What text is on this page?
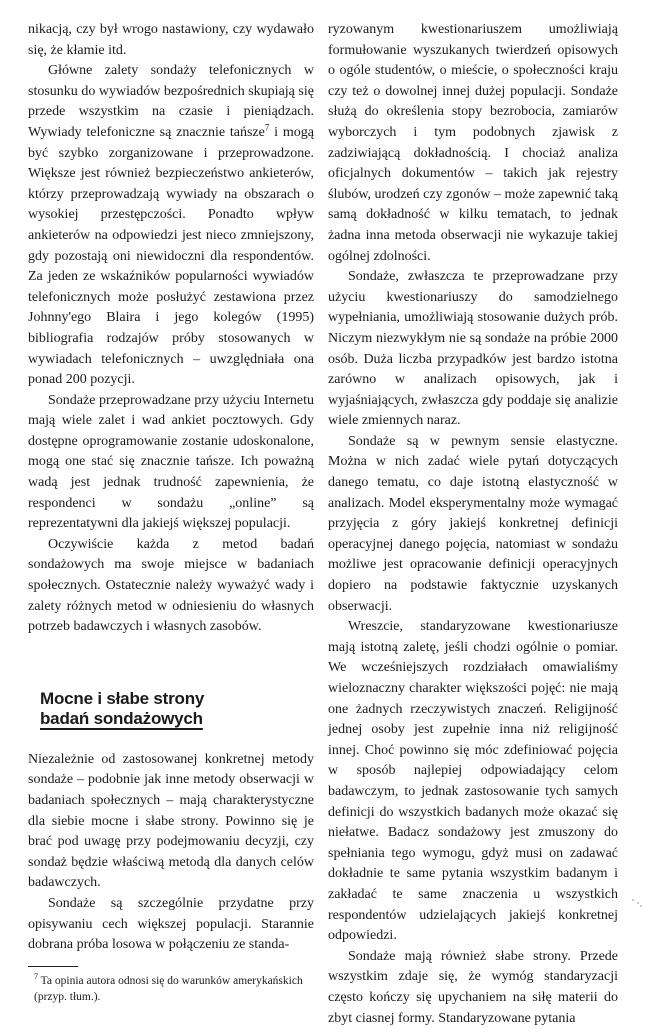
nikacją, czy był wrogo nastawiony, czy wydawało się, że kłamie itd.

Główne zalety sondaży telefonicznych w stosunku do wywiadów bezpośrednich skupiają się przede wszystkim na czasie i pieniądzach. Wywiady telefoniczne są znacznie tańsze$^7$ i mogą być szybko zorganizowane i przeprowadzone. Większe jest również bezpieczeństwo ankieterów, którzy przeprowadzają wywiady na obszarach o wysokiej przestępczości. Ponadto wpływ ankieterów na odpowiedzi jest nieco zmniejszony, gdy pozostają oni niewidoczni dla respondentów. Za jeden ze wskaźników popularności wywiadów telefonicznych może posłużyć zestawiona przez Johnny'ego Blaira i jego kolegów (1995) bibliografia rodzajów próby stosowanych w wywiadach telefonicznych – uwzględniała ona ponad 200 pozycji.

Sondaże przeprowadzane przy użyciu Internetu mają wiele zalet i wad ankiet pocztowych. Gdy dostępne oprogramowanie zostanie udoskonalone, mogą one stać się znacznie tańsze. Ich poważną wadą jest jednak trudność zapewnienia, że respondenci w sondażu „online” są reprezentatywni dla jakiejś większej populacji.

Oczywiście każda z metod badań sondażowych ma swoje miejsce w badaniach społecznych. Ostatecznie należy wyważyć wady i zalety różnych metod w odniesieniu do własnych potrzeb badawczych i własnych zasobów.

Mocne i słabe strony
badań sondażowych

Niezależnie od zastosowanej konkretnej metody sondaże – podobnie jak inne metody obserwacji w badaniach społecznych – mają charakterystyczne dla siebie mocne i słabe strony. Powinno się je brać pod uwagę przy podejmowaniu decyzji, czy sondaż będzie właściwą metodą dla danych celów badawczych.

Sondaże są szczególnie przydatne przy opisywaniu cech większej populacji. Starannie dobrana próba losowa w połączeniu ze standa-

$^7$ Ta opinia autora odnosi się do warunków amerykańskich (przyp. tłum.).

ryzowanym kwestionariuszem umożliwiają formułowanie wyszukanych twierdzeń opisowych o ogóle studentów, o mieście, o społeczności kraju czy też o dowolnej innej dużej populacji. Sondaże służą do określenia stopy bezrobocia, zamiarów wyborczych i tym podobnych zjawisk z zadziwiającą dokładnością. I chociaż analiza oficjalnych dokumentów – takich jak rejestry ślubów, urodzeń czy zgonów – może zapewnić taką samą dokładność w kilku tematach, to jednak żadna inna metoda obserwacji nie wykazuje takiej ogólnej zdolności.

Sondaże, zwłaszcza te przeprowadzane przy użyciu kwestionariuszy do samodzielnego wypełniania, umożliwiają stosowanie dużych prób. Niczym niezwykłym nie są sondaże na próbie 2000 osób. Duża liczba przypadków jest bardzo istotna zarówno w analizach opisowych, jak i wyjaśniających, zwłaszcza gdy poddaje się analizie wiele zmiennych naraz.

Sondaże są w pewnym sensie elastyczne. Można w nich zadać wiele pytań dotyczących danego tematu, co daje istotną elastyczność w analizach. Model eksperymentalny może wymagać przyjęcia z góry jakiejś konkretnej definicji operacyjnej danego pojęcia, natomiast w sondażu możliwe jest opracowanie definicji operacyjnych dopiero na podstawie faktycznie uzyskanych obserwacji.

Wreszcie, standaryzowane kwestionariusze mają istotną zaletę, jeśli chodzi ogólnie o pomiar. We wcześniejszych rozdziałach omawialiśmy wieloznaczny charakter większości pojęć: nie mają one żadnych rzeczywistych znaczeń. Religijność jednej osoby jest zupełnie inna niż religijność innej. Choć powinno się móc zdefiniować pojęcia w sposób najlepiej odpowiadający celom badawczym, to jednak zastosowanie tych samych definicji do wszystkich badanych może okazać się niełatwe. Badacz sondażowy jest zmuszony do spełniania tego wymogu, gdyż musi on zadawać dokładnie te same pytania wszystkim badanym i zakładać te same znaczenia u wszystkich respondentów udzielających jakiejś konkretnej odpowiedzi.

Sondaże mają również słabe strony. Przede wszystkim zdaje się, że wymóg standaryzacji często kończy się upychaniem na siłę materii do zbyt ciasnej formy. Standaryzowane pytania
